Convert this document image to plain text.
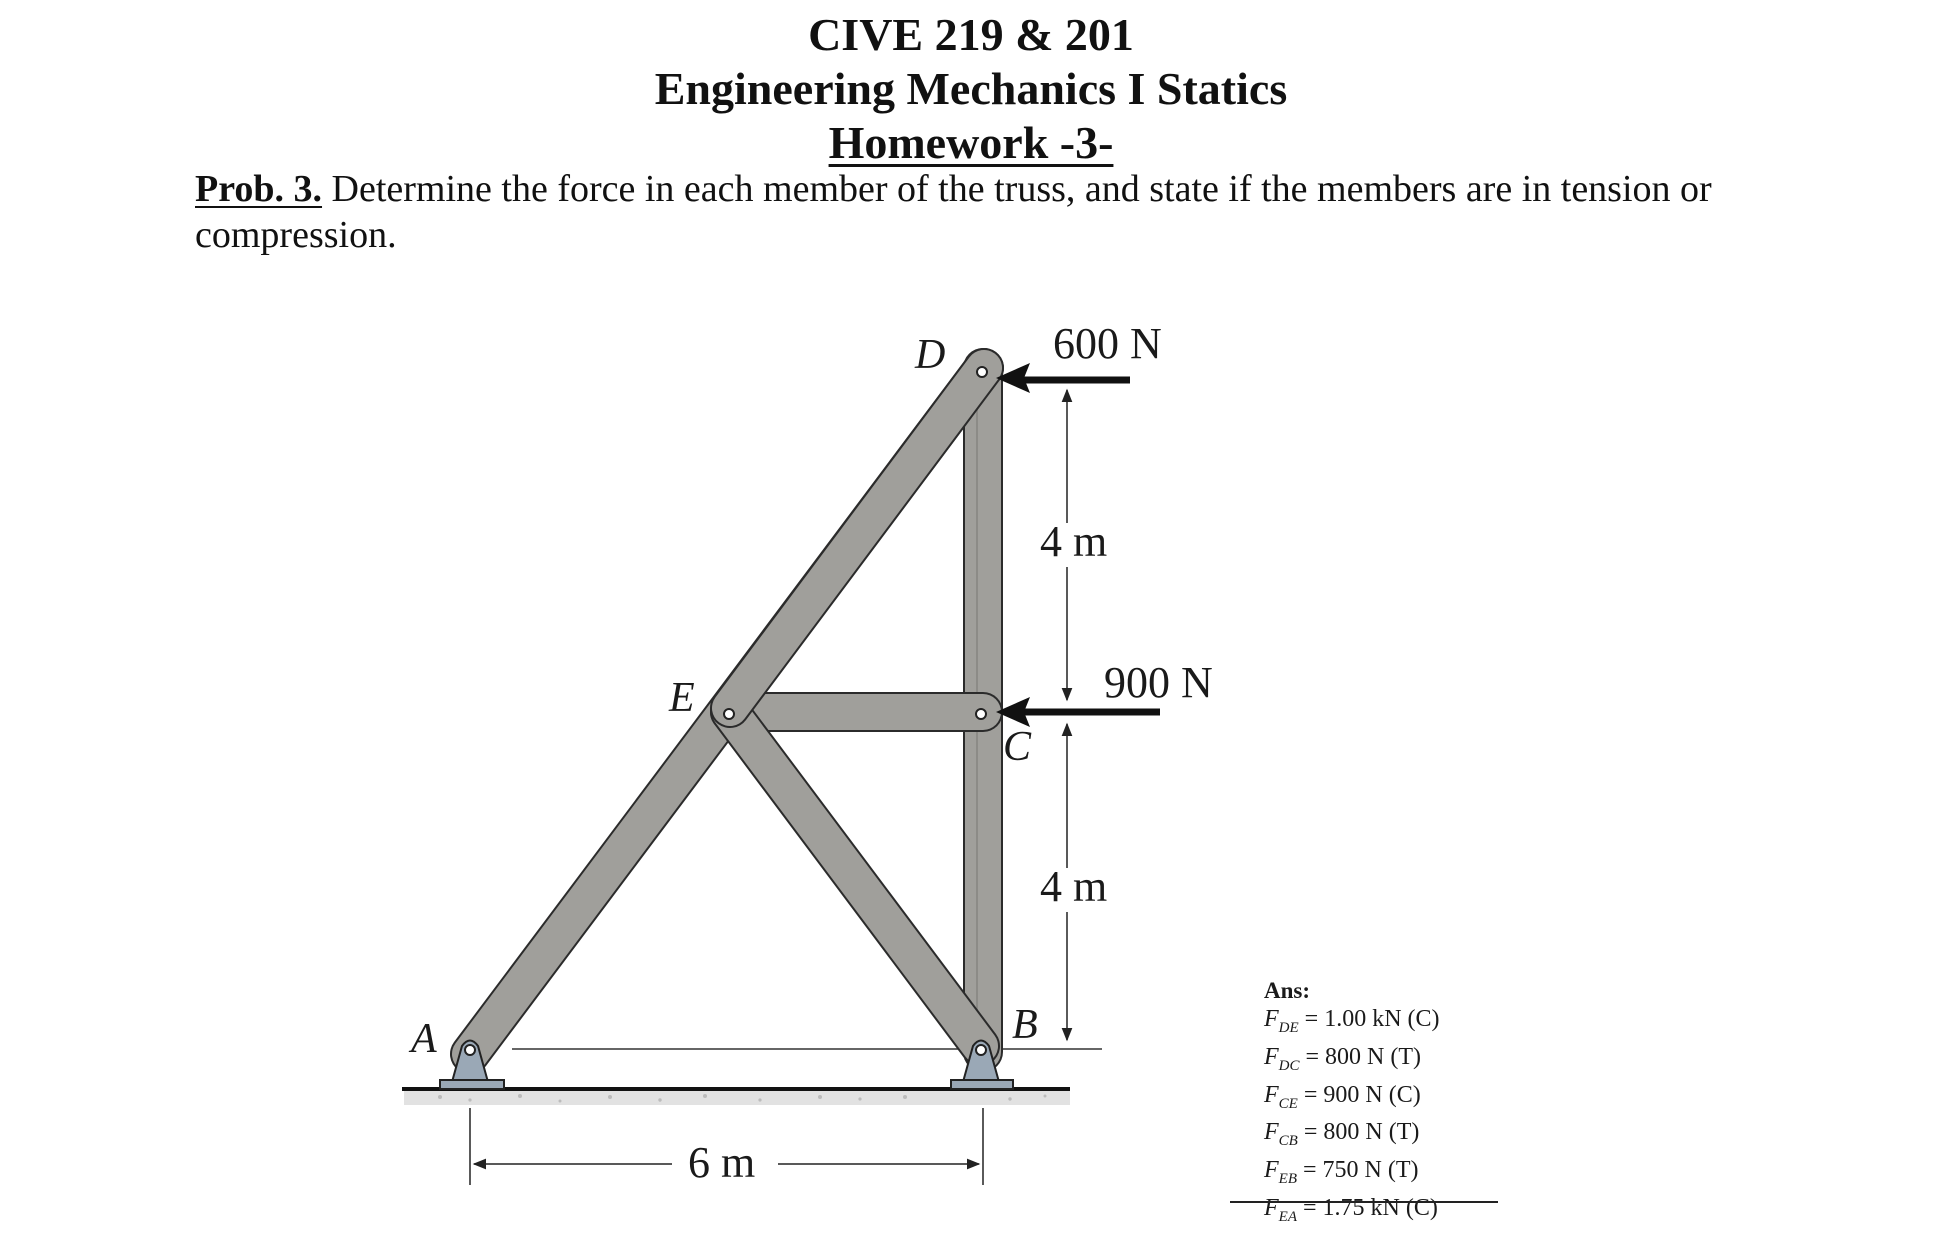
CIVE 219 & 201
Engineering Mechanics I Statics
Homework -3-
Prob. 3. Determine the force in each member of the truss, and state if the members are in tension or compression.
D
E
C
B
A
600 N
900 N
4 m
4 m
6 m
Ans:
$F_{DE} = 1.00$ kN (C)
$F_{DC} = 800$ N (T)
$F_{CE} = 900$ N (C)
$F_{CB} = 800$ N (T)
$F_{EB} = 750$ N (T)
$F_{EA} = 1.75$ kN (C)
